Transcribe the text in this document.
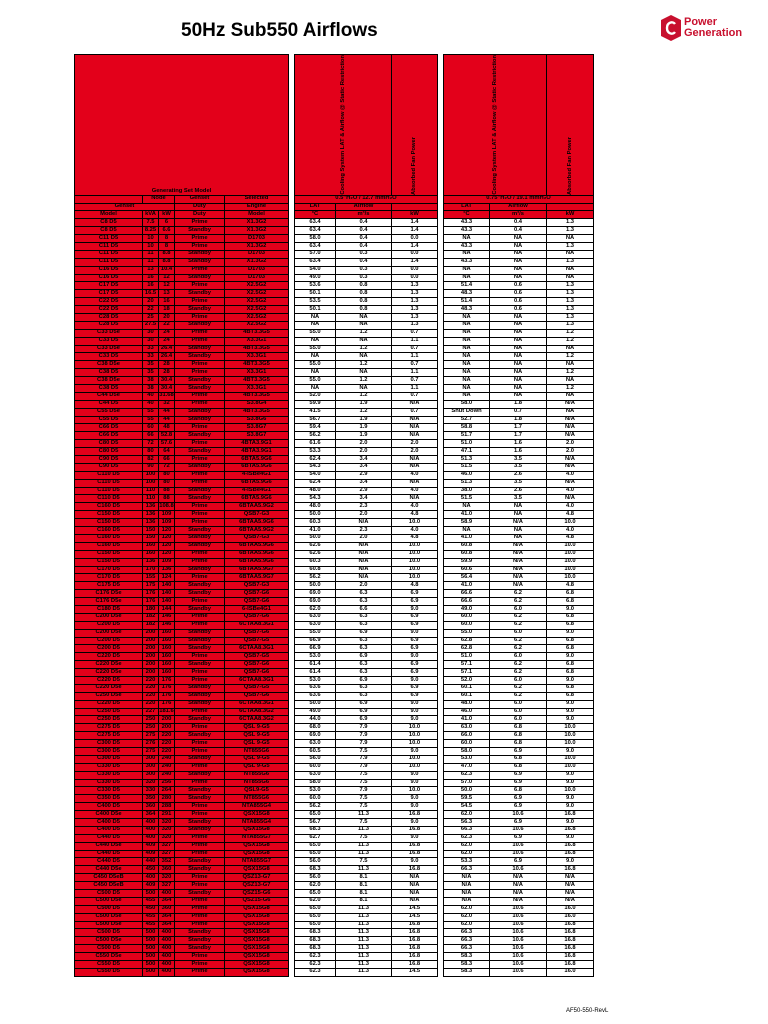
50Hz Sub550 Airflows	Power
Generation
Generating Set Model						Cooling System LAT & Airflow @ Static Restriction		Absorbed Fan Power		Cooling System LAT & Airflow @ Static Restriction		Absorbed Fan Power

	Node		Genset	Selected		0.5"H₂O / 12.7 mmH₂O				0.75"H₂O / 19.1 mmH₂O		
Genset			Duty	Engine		LAT	Airflow			LAT	Airflow	
Model	kVA	kW	Duty	Model		°C	m³/s	kW		°C	m³/s	kW
C8 D5	7.5	6	Prime	X1.3G2		63.4	0.4	1.4		43.3	0.4	1.3
C8 D5	8.25	6.6	Standby	X1.3G2		63.4	0.4	1.4		43.3	0.4	1.3
C11 D5	10	8	Prime	D1703		58.0	0.4	0.0		NA	NA	NA
C11 D5	10	8	Prime	X1.3G2		63.4	0.4	1.4		43.3	NA	1.3
C11 D5	11	8.8	Standby	D1703		57.0	0.3	0.0		NA	NA	NA
C11 D5	11	8.8	Standby	X1.3G2		63.4	0.4	1.4		43.3	NA	1.3
C16 D5	13	10.4	Prime	D1703		54.0	0.3	0.0		NA	NA	NA
C16 D5	16	12	Standby	D1703		49.0	0.3	0.0		NA	NA	NA
C17 D5	16	12	Prime	X2.5G2		53.6	0.8	1.3		51.4	0.6	1.3
C17 D5	16.5	13	Standby	X2.5G2		50.1	0.8	1.3		48.3	0.6	1.3
C22 D5	20	16	Prime	X2.5G2		53.5	0.8	1.3		51.4	0.6	1.3
C22 D5	22	18	Standby	X2.5G2		50.1	0.8	1.3		48.3	0.6	1.3
C28 D5	25	20	Prime	X2.5G2		NA	NA	1.3		NA	NA	1.3
C28 D5	27.5	22	Standby	X2.5G2		NA	NA	1.3		NA	NA	1.3
C33 D5e	30	24	Prime	4BT3.3G5		55.0	1.2	0.7		NA	NA	1.2
C33 D5	30	24	Prime	X3.3G1		NA	NA	1.1		NA	NA	1.2
C33 D5e	33	26.4	Standby	4BT3.3G5		55.0	1.2	0.7		NA	NA	NA
C33 D5	33	26.4	Standby	X3.3G1		NA	NA	1.1		NA	NA	1.2
C38 D5e	35	28	Prime	4BT3.3G5		55.0	1.2	0.7		NA	NA	NA
C38 D5	35	28	Prime	X3.3G1		NA	NA	1.1		NA	NA	1.2
C38 D5e	38	30.4	Standby	4BT3.3G5		55.0	1.2	0.7		NA	NA	NA
C38 D5	38	30.4	Standby	X3.3G1		NA	NA	1.1		NA	NA	1.2
C44 D5e	40	31.68	Prime	4BT3.3G5		52.0	1.2	0.7		NA	NA	NA
C44 D5	40	32	Prime	S3.8G4		59.9	1.9	N/A		58.0	1.8	N/A
C55 D5e	55	44	Standby	4BT3.3G5		41.5	1.2	0.7		Shut Down	0.7	NA
C55 D5	55	44	Standby	S3.8G6		56.7	1.9	N/A		52.7	1.8	N/A
C66 D5	60	48	Prime	S3.8G7		59.4	1.9	N/A		58.8	1.7	N/A
C66 D5	66	52.8	Standby	S3.8G7		56.2	1.9	N/A		51.7	1.7	N/A
C80 D5	72	57.6	Prime	4BTA3.9G1		61.6	2.0	2.0		51.0	1.6	2.0
C80 D5	80	64	Standby	4BTA3.9G1		53.3	2.0	2.0		47.1	1.6	2.0
C90 D5	82	66	Prime	6BTA5.9G6		62.4	3.4	N/A		51.3	3.5	N/A
C90 D5	90	72	Standby	6BTA5.9G6		54.3	3.4	N/A		51.5	3.5	N/A
C110 D5	100	80	Prime	4-ISBe4G1		54.0	2.9	4.0		46.0	2.6	4.0
C110 D5	100	80	Prime	6BTA5.9G6		62.4	3.4	N/A		51.3	3.5	N/A
C110 D5	110	88	Standby	4-ISBe4G1		48.0	2.9	4.0		38.0	2.6	4.0
C110 D5	110	88	Standby	6BTA5.9G6		54.3	3.4	N/A		51.5	3.5	N/A
C160 D5	136	108.8	Prime	6BTAA5.9G2		48.0	2.3	4.0		NA	NA	4.0
C150 D5	136	109	Prime	QSB7-G3		50.0	2.0	4.8		41.0	NA	4.8
C150 D5	136	109	Prime	6BTAA5.9G6		60.3	N/A	10.0		58.9	N/A	10.0
C160 D5	150	120	Standby	6BTAA5.9G2		41.0	2.3	4.0		NA	NA	4.0
C160 D5	150	120	Standby	QSB7-G3		50.0	2.0	4.8		41.0	NA	4.8
C160 D5	160	120	Standby	6BTAA5.9G6		62.6	N/A	10.0		60.8	N/A	10.0
C150 D5	160	120	Prime	6BTAA5.9G6		62.6	N/A	10.0		60.8	N/A	10.0
C150 D5	136	109	Prime	6BTAA5.9G6		60.3	N/A	10.0		59.9	N/A	10.0
C170 D5	170	136	Standby	6BTAA5.9G7		60.8	N/A	10.0		60.6	N/A	10.0
C170 D5	155	124	Prime	6BTAA5.9G7		56.2	N/A	10.0		56.4	N/A	10.0
C175 D5	175	140	Standby	QSB7-G3		50.0	2.0	4.8		41.0	N/A	4.8
C176 D5e	176	140	Standby	QSB7-G6		69.0	6.3	6.9		66.6	6.2	6.8
C176 D5e	176	140	Prime	QSB7-G6		69.0	6.3	6.9		66.6	6.2	6.8
C180 D5	180	144	Standby	6-ISBe4G1		62.0	6.6	9.0		49.0	6.0	9.0
C200 D5e	182	146	Prime	QSB7-G6		63.0	6.3	6.9		60.0	6.2	6.8
C200 D5	182	146	Prime	6CTAA8.3G1		63.0	6.3	6.9		60.0	6.2	6.8
C200 D5e	200	160	Standby	QSB7-G6		55.0	6.9	9.0		55.0	6.0	9.0
C200 D5	200	160	Standby	QSB7-G5		66.9	6.3	6.9		62.8	6.2	6.8
C200 D5	200	160	Standby	6CTAA8.3G1		66.9	6.3	6.9		62.8	6.2	6.8
C220 D5	200	160	Prime	QSB7-G5		53.0	6.9	9.0		51.0	6.0	9.0
C220 D5e	200	160	Standby	QSB7-G6		61.4	6.3	6.9		57.1	6.2	6.8
C220 D5e	200	160	Prime	QSB7-G6		61.4	6.3	6.9		57.1	6.2	6.8
C220 D5	220	176	Prime	6CTAA8.3G1		53.0	6.9	9.0		52.0	6.0	9.0
C220 D5e	220	176	Standby	QSB7-G5		63.6	6.3	6.9		60.1	6.2	6.8
C250 D5e	220	176	Standby	QSB7-G6		63.6	6.3	6.9		60.1	6.2	6.8
C220 D5	220	176	Standby	6CTAA8.3G1		50.0	6.9	9.0		48.0	6.0	9.0
C250 D5	227	181.6	Prime	6CTAA8.3G2		49.0	6.9	9.0		46.0	6.0	9.0
C250 D5	250	200	Standby	6CTAA8.3G2		44.0	6.9	9.0		41.0	6.0	9.0
C275 D5	250	200	Prime	QSL 9-G5		68.0	7.9	10.0		63.0	6.8	10.0
C275 D5	275	220	Standby	QSL 9-G5		69.0	7.9	10.0		66.0	6.8	10.0
C300 D5	276	220	Prime	QSL 9-G5		63.0	7.9	10.0		60.0	6.8	10.0
C300 D5	275	220	Prime	NT855G6		60.5	7.5	9.0		58.0	6.9	9.0
C300 D5	300	240	Standby	QSL 9-G5		56.0	7.9	10.0		53.0	6.8	10.0
C330 D5	300	240	Prime	QSL 9-G5		60.0	7.9	10.0		47.0	6.8	10.0
C330 D5	300	240	Standby	NT855G6		63.0	7.5	9.0		62.3	6.9	9.0
C330 D5	320	256	Prime	NT855G6		58.0	7.5	9.0		57.0	6.9	9.0
C330 D5	330	264	Standby	QSL9-G5		53.0	7.9	10.0		50.0	6.8	10.0
C350 D5	350	280	Standby	NT855G6		60.0	7.5	9.0		59.5	6.9	9.0
C400 D5	360	288	Prime	NTA855G4		56.2	7.5	9.0		54.5	6.9	9.0
C400 D5e	364	291	Prime	QSX15G8		65.0	11.3	16.8		62.0	10.6	16.8
C400 D5	400	320	Standby	NTA855G4		56.7	7.5	9.0		56.3	6.9	9.0
C400 D5	400	320	Standby	QSX15G8		68.3	11.3	16.8		66.3	10.6	16.8
C440 D5	400	320	Prime	NTA855G7		62.7	7.5	9.0		62.3	6.9	9.0
C440 D5e	409	327	Prime	QSX15G8		65.0	11.3	16.8		62.0	10.6	16.8
C440 D5	409	327	Prime	QSX15G8		65.0	11.3	16.8		62.0	10.6	16.8
C440 D5	440	352	Standby	NTA855G7		56.0	7.5	9.0		53.3	6.9	9.0
C440 D5e	450	360	Standby	QSX15G8		68.3	11.3	16.8		66.3	10.6	16.8
C450 D5eB	400	320	Prime	QSZ13-G7		56.0	8.1	N/A		N/A	N/A	N/A
C450 D5eB	409	327	Prime	QSZ13-G7		62.0	8.1	N/A		N/A	N/A	N/A
C500 D5	500	400	Standby	QSZ15-G6		65.0	8.1	N/A		N/A	N/A	N/A
C500 D5e	455	364	Prime	QSZ15-G6		62.0	8.1	N/A		N/A	N/A	N/A
C500 D5	450	360	Prime	QSX15G8		65.0	11.3	14.5		62.0	10.6	16.0
C500 D5e	455	364	Prime	QSX15G8		65.0	11.3	14.5		62.0	10.6	16.0
C500 D5e	455	364	Prime	QSX15G8		65.0	11.3	16.8		62.0	10.6	16.8
C500 D5	500	400	Standby	QSX15G8		68.3	11.3	16.8		66.3	10.6	16.8
C500 D5e	500	400	Standby	QSX15G8		68.3	11.3	16.8		66.3	10.6	16.8
C500 D5	500	400	Standby	QSX15G8		68.3	11.3	16.8		66.3	10.6	16.8
C550 D5e	500	400	Prime	QSX15G8		62.3	11.3	16.8		58.3	10.6	16.8
C550 D5	500	400	Prime	QSX15G8		62.3	11.3	16.8		58.3	10.6	16.8
C550 D5	500	400	Prime	QSX15G8		62.3	11.3	14.5		58.3	10.6	16.0
AF50-550-RevL
